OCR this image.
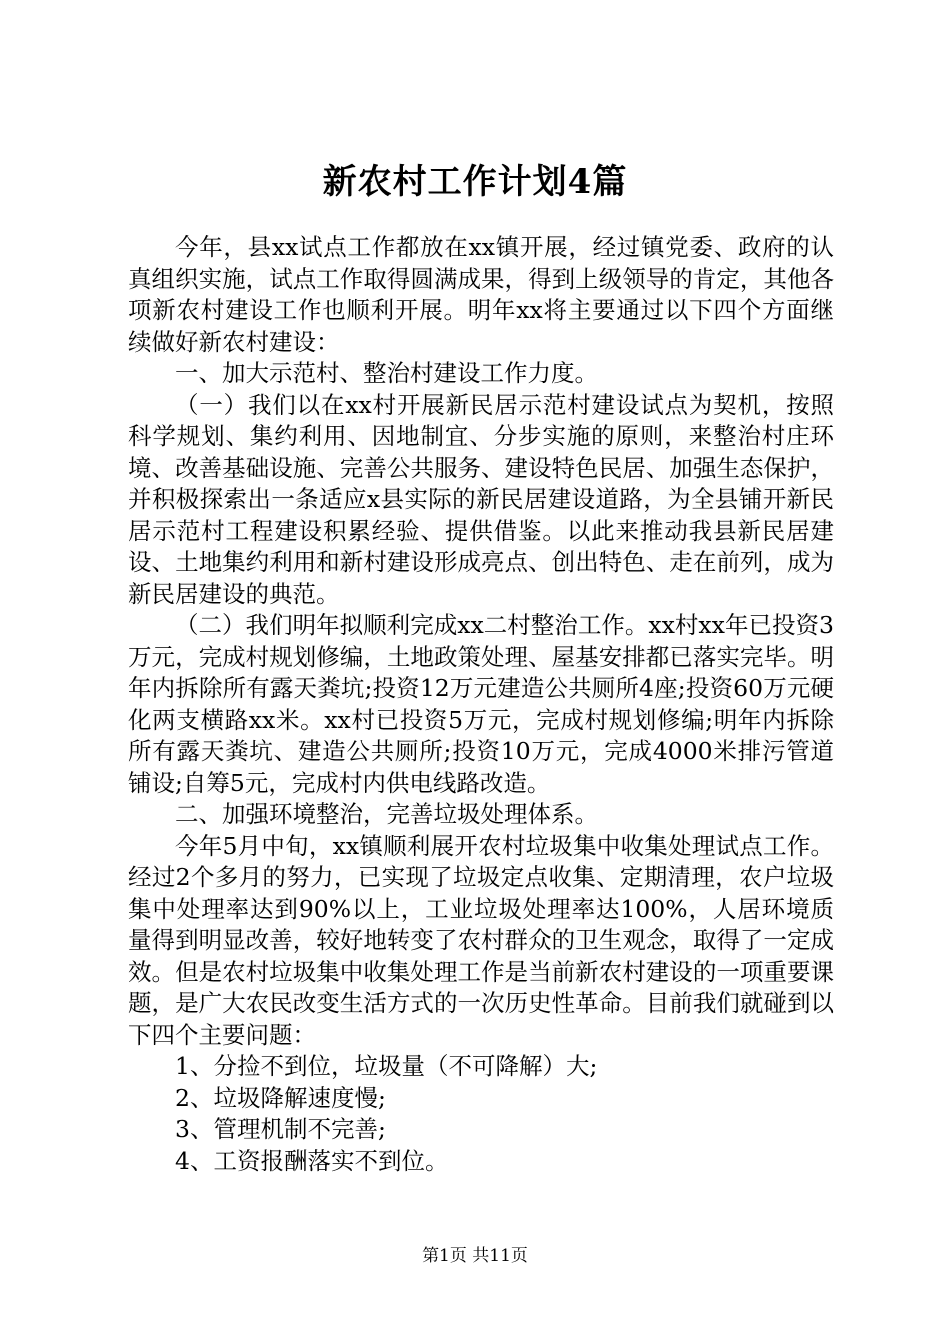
新农村工作计划4篇

今年，县xx试点工作都放在xx镇开展，经过镇党委、政府的认真组织实施，试点工作取得圆满成果，得到上级领导的肯定，其他各项新农村建设工作也顺利开展。明年xx将主要通过以下四个方面继续做好新农村建设：

一、加大示范村、整治村建设工作力度。

（一）我们以在xx村开展新民居示范村建设试点为契机，按照科学规划、集约利用、因地制宜、分步实施的原则，来整治村庄环境、改善基础设施、完善公共服务、建设特色民居、加强生态保护，并积极探索出一条适应x县实际的新民居建设道路，为全县铺开新民居示范村工程建设积累经验、提供借鉴。以此来推动我县新民居建设、土地集约利用和新村建设形成亮点、创出特色、走在前列，成为新民居建设的典范。

（二）我们明年拟顺利完成xx二村整治工作。xx村xx年已投资3万元，完成村规划修编，土地政策处理、屋基安排都已落实完毕。明年内拆除所有露天粪坑;投资12万元建造公共厕所4座;投资60万元硬化两支横路xx米。xx村已投资5万元，完成村规划修编;明年内拆除所有露天粪坑、建造公共厕所;投资10万元，完成4000米排污管道铺设;自筹5元，完成村内供电线路改造。

二、加强环境整治，完善垃圾处理体系。

今年5月中旬，xx镇顺利展开农村垃圾集中收集处理试点工作。经过2个多月的努力，已实现了垃圾定点收集、定期清理，农户垃圾集中处理率达到90%以上，工业垃圾处理率达100%，人居环境质量得到明显改善，较好地转变了农村群众的卫生观念，取得了一定成效。但是农村垃圾集中收集处理工作是当前新农村建设的一项重要课题，是广大农民改变生活方式的一次历史性革命。目前我们就碰到以下四个主要问题：

1、分捡不到位，垃圾量（不可降解）大;

2、垃圾降解速度慢;

3、管理机制不完善;

4、工资报酬落实不到位。

第1页 共11页
